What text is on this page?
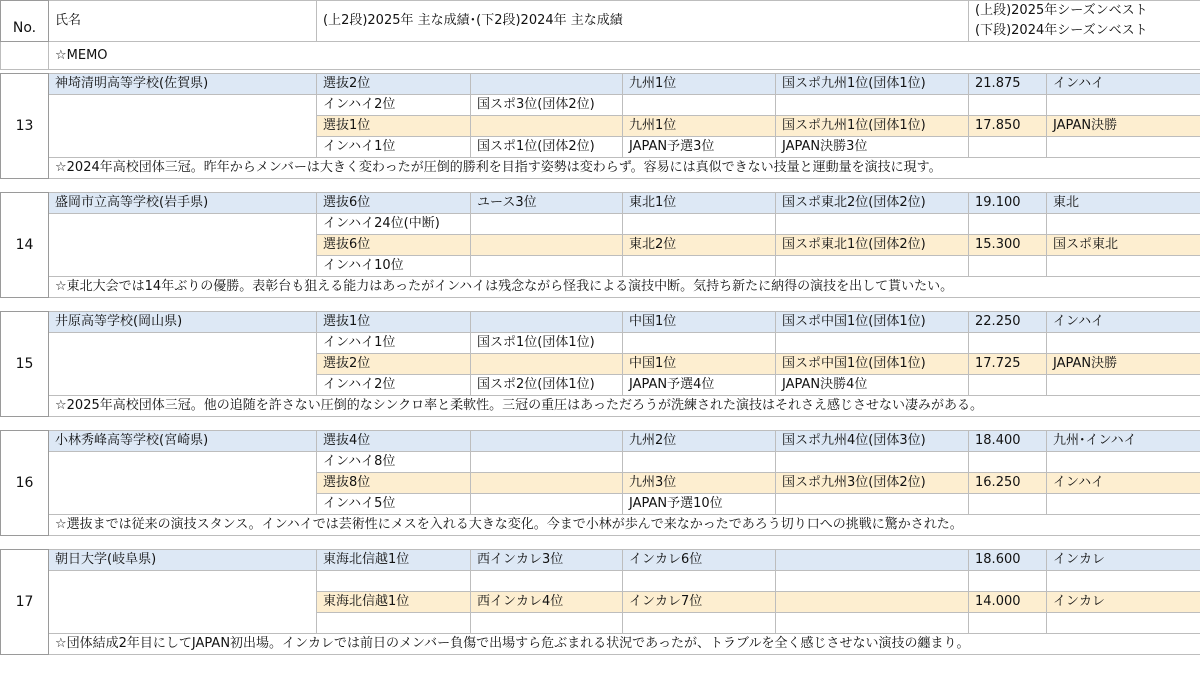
No.	氏名	(上2段)2025年 主な成績･(下2段)2024年 主な成績				(上段)2025年シーズンベスト	
						(下段)2024年シーズンベスト	
	☆MEMO						

13	神埼清明高等学校(佐賀県)	選抜2位		九州1位	国スポ九州1位(団体1位)	21.875	インハイ
		インハイ2位	国スポ3位(団体2位)				
		選抜1位		九州1位	国スポ九州1位(団体1位)	17.850	JAPAN決勝
		インハイ1位	国スポ1位(団体2位)	JAPAN予選3位	JAPAN決勝3位		
	☆2024年高校団体三冠。昨年からメンバーは大きく変わったが圧倒的勝利を目指す姿勢は変わらず。容易には真似できない技量と運動量を演技に現す。						

14	盛岡市立高等学校(岩手県)	選抜6位	ユース3位	東北1位	国スポ東北2位(団体2位)	19.100	東北
		インハイ24位(中断)					
		選抜6位		東北2位	国スポ東北1位(団体2位)	15.300	国スポ東北
		インハイ10位					
	☆東北大会では14年ぶりの優勝。表彰台も狙える能力はあったがインハイは残念ながら怪我による演技中断。気持ち新たに納得の演技を出して貰いたい。						

15	井原高等学校(岡山県)	選抜1位		中国1位	国スポ中国1位(団体1位)	22.250	インハイ
		インハイ1位	国スポ1位(団体1位)				
		選抜2位		中国1位	国スポ中国1位(団体1位)	17.725	JAPAN決勝
		インハイ2位	国スポ2位(団体1位)	JAPAN予選4位	JAPAN決勝4位		
	☆2025年高校団体三冠。他の追随を許さない圧倒的なシンクロ率と柔軟性。三冠の重圧はあっただろうが洗練された演技はそれさえ感じさせない凄みがある。						

16	小林秀峰高等学校(宮崎県)	選抜4位		九州2位	国スポ九州4位(団体3位)	18.400	九州･インハイ
		インハイ8位					
		選抜8位		九州3位	国スポ九州3位(団体2位)	16.250	インハイ
		インハイ5位		JAPAN予選10位			
	☆選抜までは従来の演技スタンス。インハイでは芸術性にメスを入れる大きな変化。今まで小林が歩んで来なかったであろう切り口への挑戦に驚かされた。						

17	朝日大学(岐阜県)	東海北信越1位	西インカレ3位	インカレ6位		18.600	インカレ

		東海北信越1位	西インカレ4位	インカレ7位		14.000	インカレ

	☆団体結成2年目にしてJAPAN初出場。インカレでは前日のメンバー負傷で出場すら危ぶまれる状況であったが、トラブルを全く感じさせない演技の纏まり。						
